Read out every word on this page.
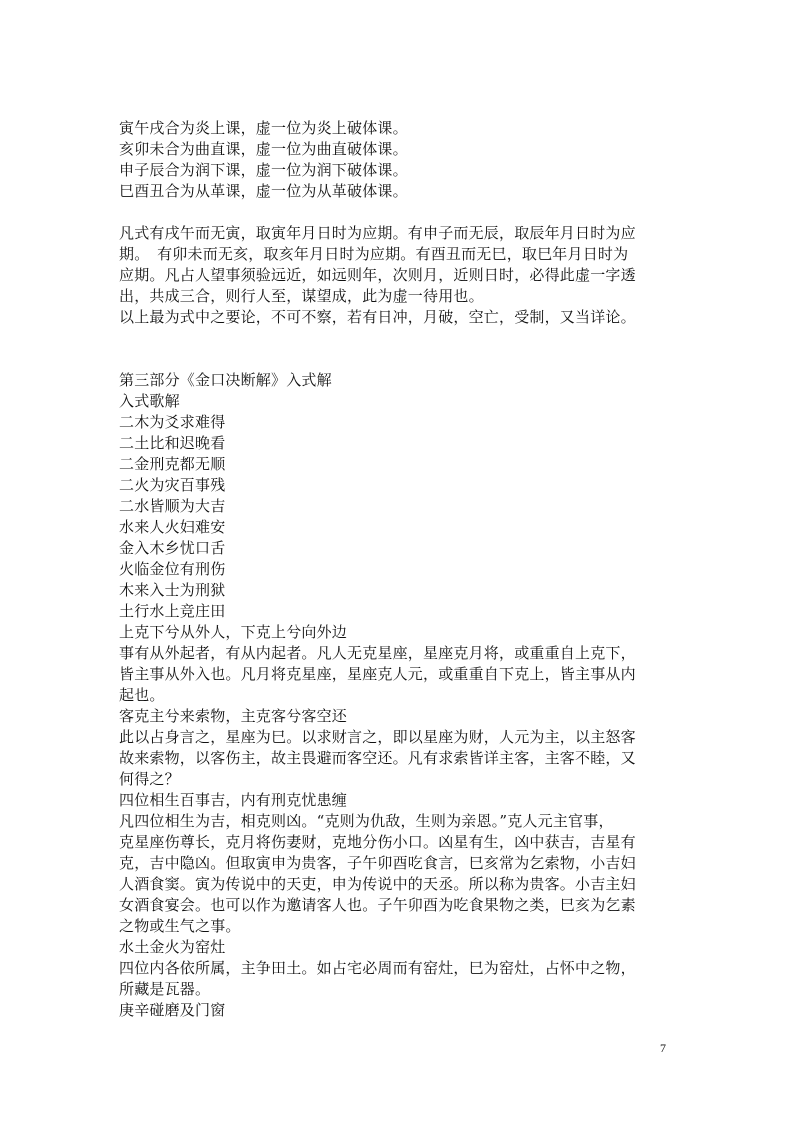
寅午戌合为炎上课，虚一位为炎上破体课。
亥卯未合为曲直课，虚一位为曲直破体课。
申子辰合为润下课，虚一位为润下破体课。
巳酉丑合为从革课，虚一位为从革破体课。
凡式有戌午而无寅，取寅年月日时为应期。有申子而无辰，取辰年月日时为应
期。　有卯未而无亥，取亥年月日时为应期。有酉丑而无巳，取巳年月日时为
应期。凡占人望事须验远近，如远则年，次则月，近则日时，必得此虚一字透
出，共成三合，则行人至，谋望成，此为虚一待用也。
以上最为式中之要论，不可不察，若有日冲，月破，空亡，受制，又当详论。
第三部分《金口决断解》入式解
入式歌解
二木为爻求难得
二土比和迟晚看
二金刑克都无顺
二火为灾百事残
二水皆顺为大吉
水来人火妇难安
金入木乡忧口舌
火临金位有刑伤
木来入士为刑狱
土行水上竞庄田
上克下兮从外人，下克上兮向外边
事有从外起者，有从内起者。凡人无克星座，星座克月将，或重重自上克下，
皆主事从外入也。凡月将克星座，星座克人元，或重重自下克上，皆主事从内
起也。
客克主兮来索物，主克客兮客空还
此以占身言之，星座为巳。以求财言之，即以星座为财，人元为主，以主怒客
故来索物，以客伤主，故主畏避而客空还。凡有求索皆详主客，主客不睦，又
何得之？
四位相生百事吉，内有刑克忧患缠
凡四位相生为吉，相克则凶。“克则为仇敌，生则为亲恩。”克人元主官事，
克星座伤尊长，克月将伤妻财，克地分伤小口。凶星有生，凶中获吉，吉星有
克，吉中隐凶。但取寅申为贵客，子午卯酉吃食言，巳亥常为乞索物，小吉妇
人酒食窦。寅为传说中的天吏，申为传说中的天丞。所以称为贵客。小吉主妇
女酒食宴会。也可以作为邀请客人也。子午卯酉为吃食果物之类，巳亥为乞素
之物或生气之事。
水土金火为窑灶
四位内各依所属，主争田土。如占宅必周而有窑灶，巳为窑灶，占怀中之物，
所藏是瓦器。
庚辛碰磨及门窗
7
